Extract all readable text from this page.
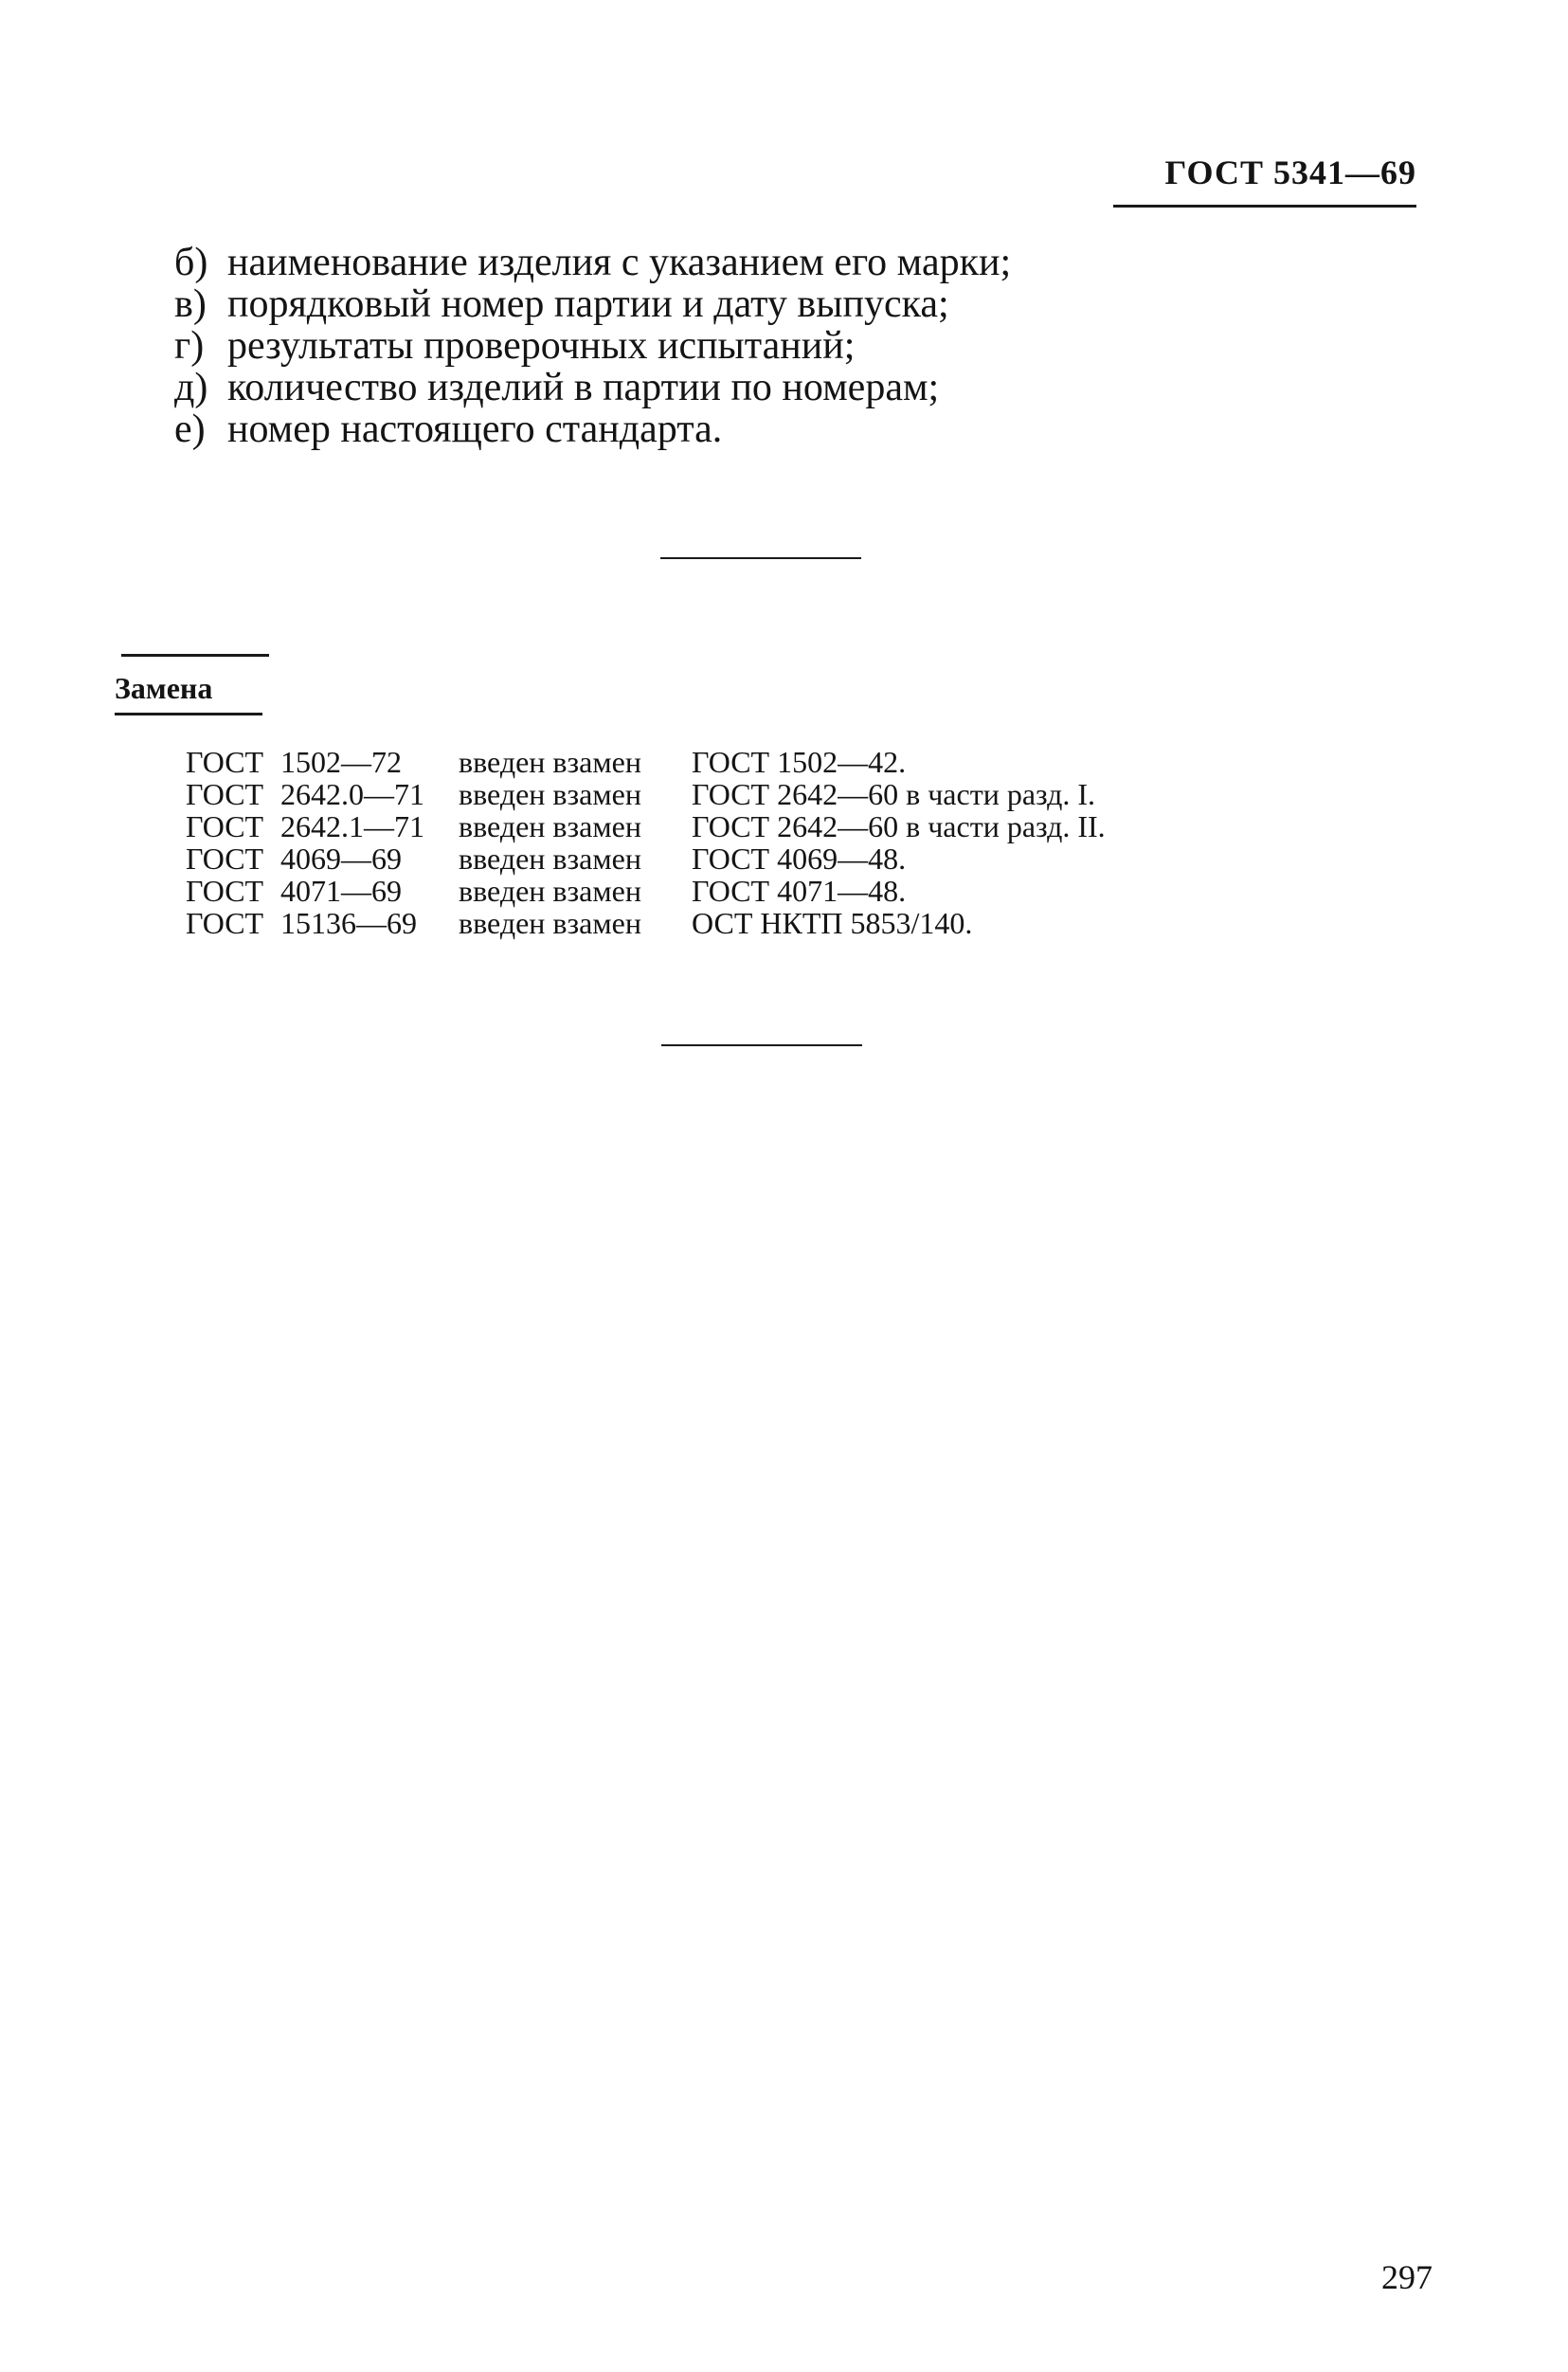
ГОСТ 5341—69
б) наименование изделия с указанием его марки;
в) порядковый номер партии и дату выпуска;
г) результаты проверочных испытаний;
д) количество изделий в партии по номерам;
е) номер настоящего стандарта.
Замена
ГОСТ 1502—72	введен взамен	ГОСТ 1502—42.
ГОСТ 2642.0—71	введен взамен	ГОСТ 2642—60 в части разд. I.
ГОСТ 2642.1—71	введен взамен	ГОСТ 2642—60 в части разд. II.
ГОСТ 4069—69	введен взамен	ГОСТ 4069—48.
ГОСТ 4071—69	введен взамен	ГОСТ 4071—48.
ГОСТ 15136—69	введен взамен	ОСТ НКТП 5853/140.
297
